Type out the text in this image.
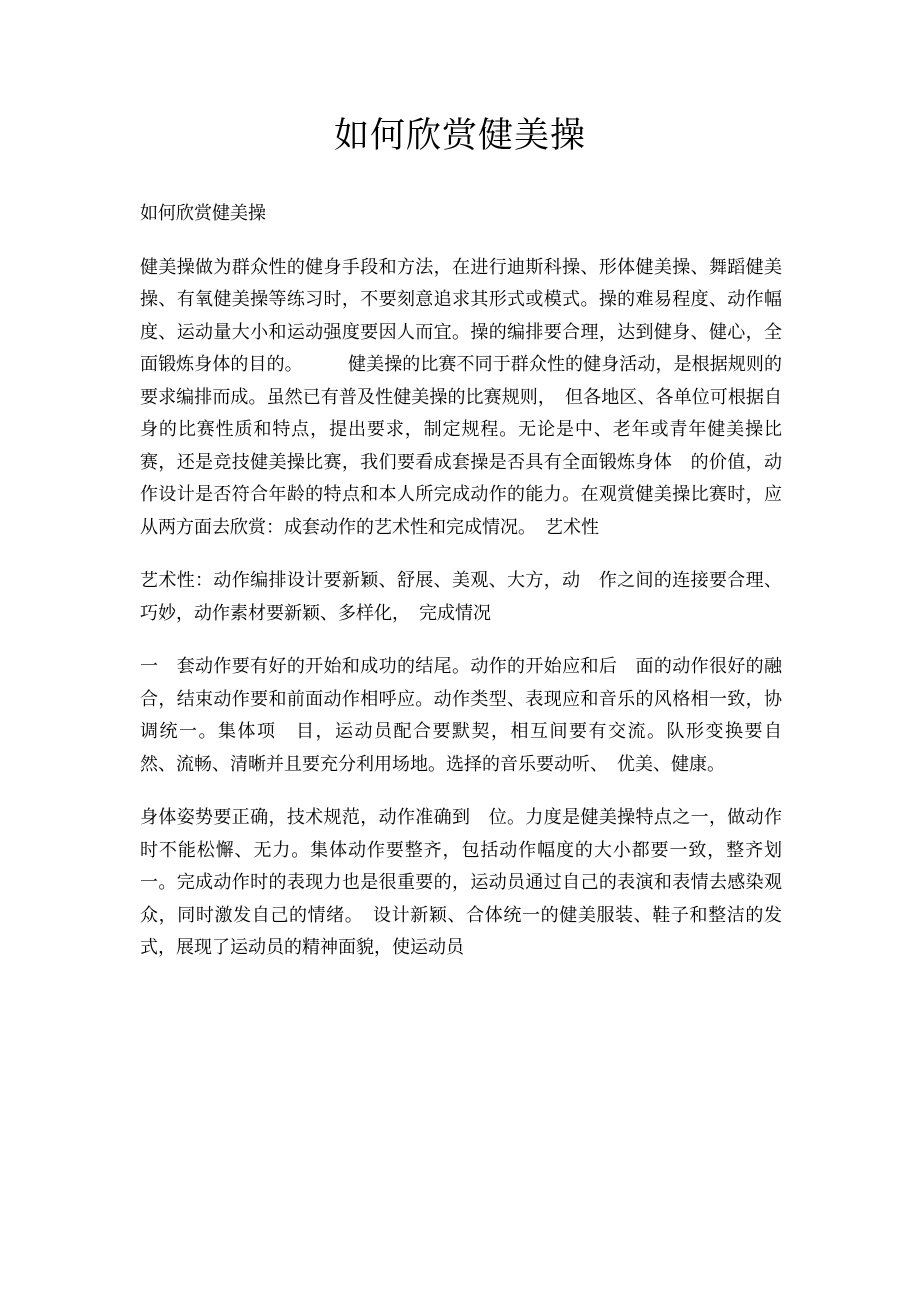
如何欣赏健美操

如何欣赏健美操

健美操做为群众性的健身手段和方法，在进行迪斯科操、形体健美操、舞蹈健美操、有氧健美操等练习时，不要刻意追求其形式或模式。操的难易程度、动作幅度、运动量大小和运动强度要因人而宜。操的编排要合理，达到健身、健心，全面锻炼身体的目的。　　　健美操的比赛不同于群众性的健身活动，是根据规则的要求编排而成。虽然已有普及性健美操的比赛规则，　但各地区、各单位可根据自身的比赛性质和特点，提出要求，制定规程。无论是中、老年或青年健美操比赛，还是竞技健美操比赛，我们要看成套操是否具有全面锻炼身体　的价值，动作设计是否符合年龄的特点和本人所完成动作的能力。在观赏健美操比赛时，应从两方面去欣赏：成套动作的艺术性和完成情况。　艺术性

艺术性：动作编排设计要新颖、舒展、美观、大方，动　作之间的连接要合理、巧妙，动作素材要新颖、多样化，　完成情况

一　套动作要有好的开始和成功的结尾。动作的开始应和后　面的动作很好的融合，结束动作要和前面动作相呼应。动作类型、表现应和音乐的风格相一致，协调统一。集体项　目，运动员配合要默契，相互间要有交流。队形变换要自　然、流畅、清晰并且要充分利用场地。选择的音乐要动听、　优美、健康。

身体姿势要正确，技术规范，动作准确到　位。力度是健美操特点之一，做动作时不能松懈、无力。集体动作要整齐，包括动作幅度的大小都要一致，整齐划　一。完成动作时的表现力也是很重要的，运动员通过自己的表演和表情去感染观众，同时激发自己的情绪。　设计新颖、合体统一的健美服装、鞋子和整洁的发式，展现了运动员的精神面貌，使运动员
